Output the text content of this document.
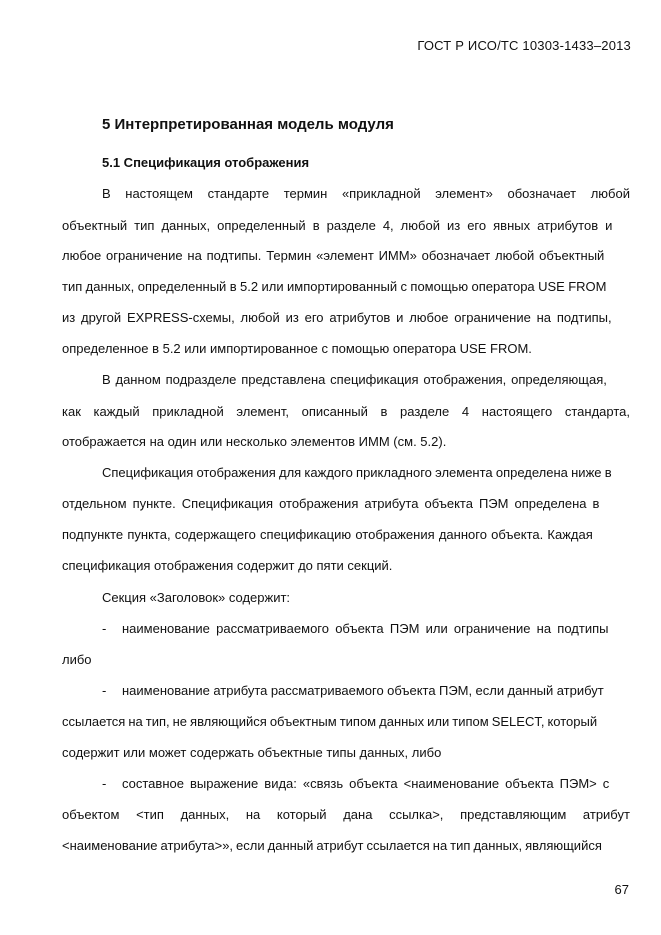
ГОСТ Р ИСО/ТС 10303-1433–2013
5 Интерпретированная модель модуля
5.1 Спецификация отображения
В настоящем стандарте термин «прикладной элемент» обозначает любой
объектный тип данных, определенный в разделе 4, любой из его явных атрибутов и
любое ограничение на подтипы. Термин «элемент ИММ» обозначает любой объектный
тип данных, определенный в 5.2 или импортированный с помощью оператора USE FROM
из другой EXPRESS-схемы, любой из его атрибутов и любое ограничение на подтипы,
определенное в 5.2 или импортированное с помощью оператора USE FROM.
В данном подразделе представлена спецификация отображения, определяющая,
как каждый прикладной элемент, описанный в разделе 4 настоящего стандарта,
отображается на один или несколько элементов ИММ (см. 5.2).
Спецификация отображения для каждого прикладного элемента определена ниже в
отдельном пункте. Спецификация отображения атрибута объекта ПЭМ определена в
подпункте пункта, содержащего спецификацию отображения данного объекта. Каждая
спецификация отображения содержит до пяти секций.
Секция «Заголовок» содержит:
- наименование рассматриваемого объекта ПЭМ или ограничение на подтипы
либо
- наименование атрибута рассматриваемого объекта ПЭМ, если данный атрибут
ссылается на тип, не являющийся объектным типом данных или типом SELECT, который
содержит или может содержать объектные типы данных, либо
- составное выражение вида: «связь объекта <наименование объекта ПЭМ> с
объектом <тип данных, на который дана ссылка>, представляющим атрибут
<наименование атрибута>», если данный атрибут ссылается на тип данных, являющийся
67
